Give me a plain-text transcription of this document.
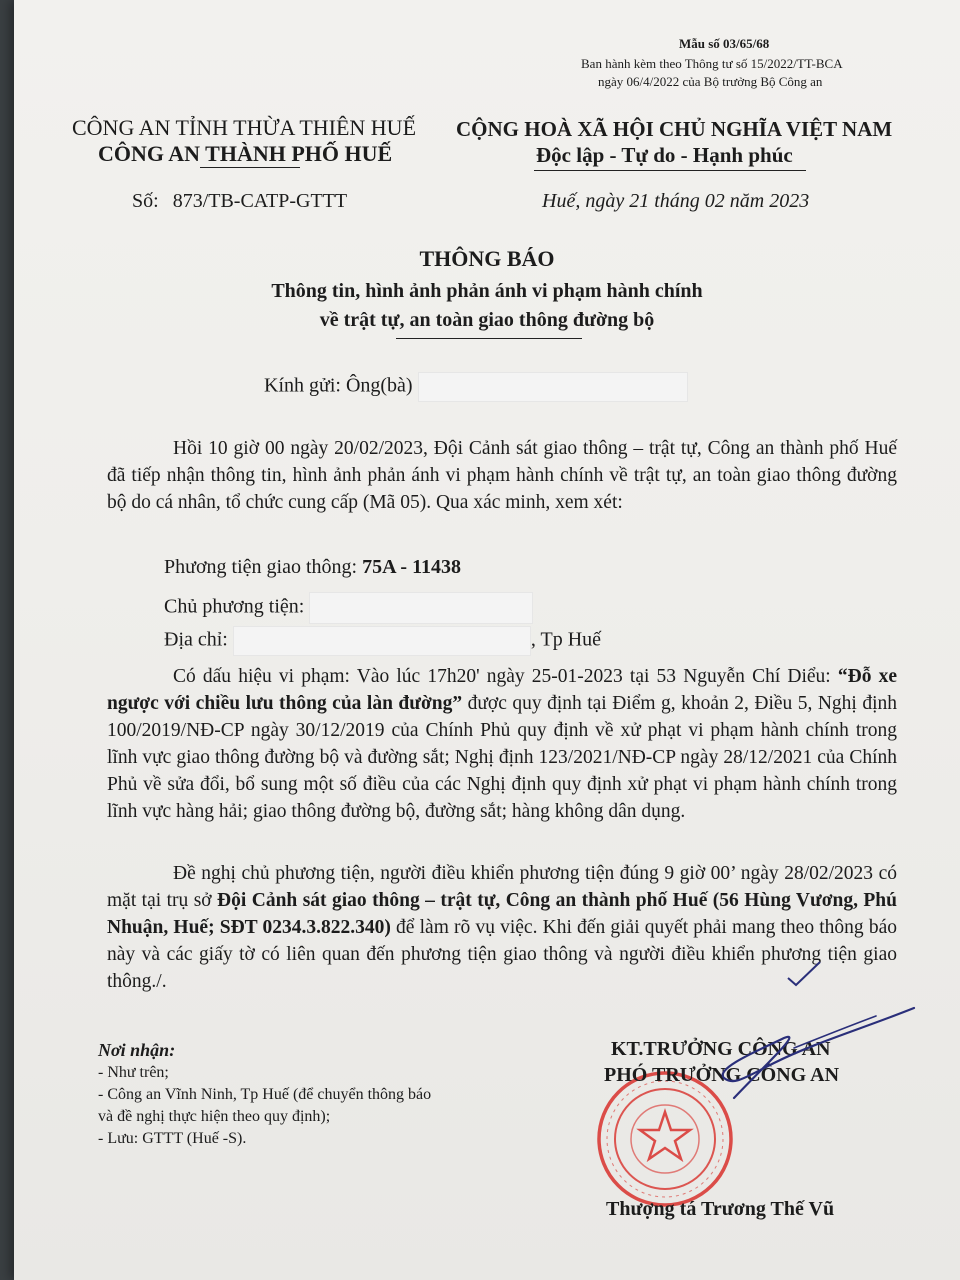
Mẫu số 03/65/68
Ban hành kèm theo Thông tư số 15/2022/TT-BCA
ngày 06/4/2022 của Bộ trưởng Bộ Công an
CÔNG AN TỈNH THỪA THIÊN HUẾ
CÔNG AN THÀNH PHỐ HUẾ
CỘNG HOÀ XÃ HỘI CHỦ NGHĨA VIỆT NAM
Độc lập - Tự do - Hạnh phúc
Số: 873/TB-CATP-GTTT	Huế, ngày 21 tháng 02 năm 2023
THÔNG BÁO
Thông tin, hình ảnh phản ánh vi phạm hành chính
về trật tự, an toàn giao thông đường bộ
Kính gửi: Ông(bà)
Hồi 10 giờ 00 ngày 20/02/2023, Đội Cảnh sát giao thông – trật tự, Công an thành phố Huế đã tiếp nhận thông tin, hình ảnh phản ánh vi phạm hành chính về trật tự, an toàn giao thông đường bộ do cá nhân, tổ chức cung cấp (Mã 05). Qua xác minh, xem xét:
Phương tiện giao thông: 75A - 11438
Chủ phương tiện:
Địa chỉ:	, Tp Huế
Có dấu hiệu vi phạm: Vào lúc 17h20' ngày 25-01-2023 tại 53 Nguyễn Chí Diểu: “Đỗ xe ngược với chiều lưu thông của làn đường” được quy định tại Điểm g, khoản 2, Điều 5, Nghị định 100/2019/NĐ-CP ngày 30/12/2019 của Chính Phủ quy định về xử phạt vi phạm hành chính trong lĩnh vực giao thông đường bộ và đường sắt; Nghị định 123/2021/NĐ-CP ngày 28/12/2021 của Chính Phủ về sửa đổi, bổ sung một số điều của các Nghị định quy định xử phạt vi phạm hành chính trong lĩnh vực hàng hải; giao thông đường bộ, đường sắt; hàng không dân dụng.
Đề nghị chủ phương tiện, người điều khiển phương tiện đúng 9 giờ 00’ ngày 28/02/2023 có mặt tại trụ sở Đội Cảnh sát giao thông – trật tự, Công an thành phố Huế (56 Hùng Vương, Phú Nhuận, Huế; SĐT 0234.3.822.340) để làm rõ vụ việc. Khi đến giải quyết phải mang theo thông báo này và các giấy tờ có liên quan đến phương tiện giao thông và người điều khiển phương tiện giao thông./.
Nơi nhận:
- Như trên;
- Công an Vĩnh Ninh, Tp Huế (để chuyển thông báo
và đề nghị thực hiện theo quy định);
- Lưu: GTTT (Huế -S).
KT.TRƯỞNG CÔNG AN
PHÓ TRƯỞNG CÔNG AN
Thượng tá Trương Thế Vũ
